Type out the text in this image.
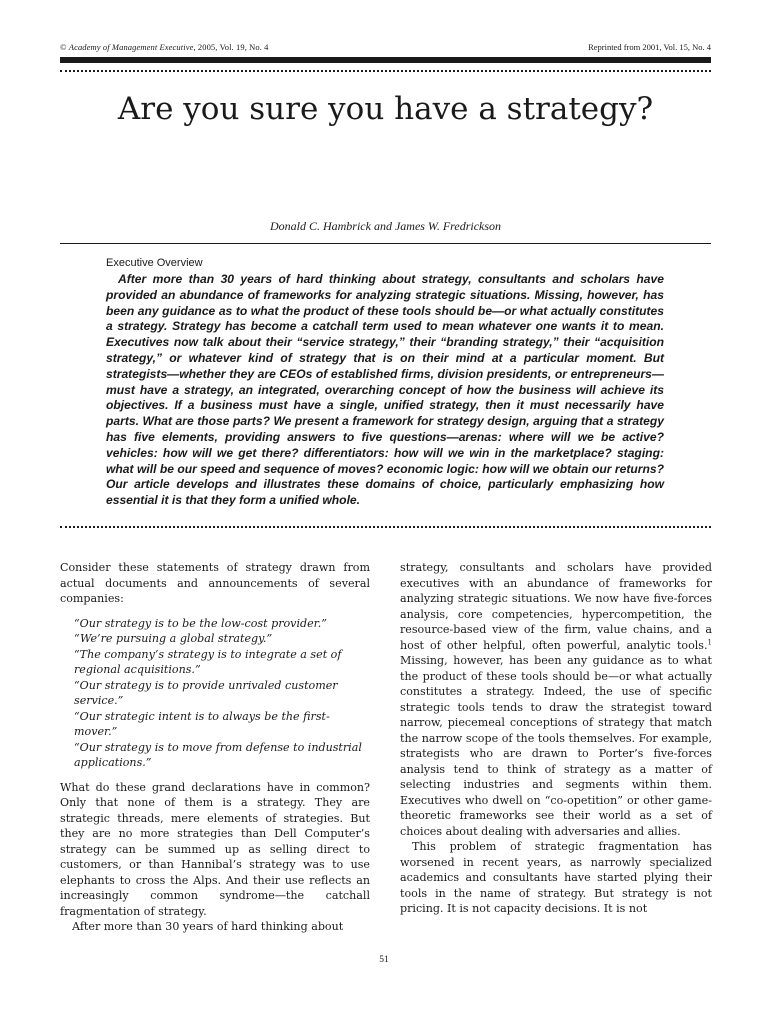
© Academy of Management Executive, 2005, Vol. 19, No. 4	Reprinted from 2001, Vol. 15, No. 4
Are you sure you have a strategy?
Donald C. Hambrick and James W. Fredrickson
Executive Overview

After more than 30 years of hard thinking about strategy, consultants and scholars have provided an abundance of frameworks for analyzing strategic situations. Missing, however, has been any guidance as to what the product of these tools should be—or what actually constitutes a strategy. Strategy has become a catchall term used to mean whatever one wants it to mean. Executives now talk about their “service strategy,” their “branding strategy,” their “acquisition strategy,” or whatever kind of strategy that is on their mind at a particular moment. But strategists—whether they are CEOs of established firms, division presidents, or entrepreneurs—must have a strategy, an integrated, overarching concept of how the business will achieve its objectives. If a business must have a single, unified strategy, then it must necessarily have parts. What are those parts? We present a framework for strategy design, arguing that a strategy has five elements, providing answers to five questions—arenas: where will we be active? vehicles: how will we get there? differentiators: how will we win in the marketplace? staging: what will be our speed and sequence of moves? economic logic: how will we obtain our returns? Our article develops and illustrates these domains of choice, particularly emphasizing how essential it is that they form a unified whole.

Consider these statements of strategy drawn from actual documents and announcements of several companies:

“Our strategy is to be the low-cost provider.”
“We’re pursuing a global strategy.”
“The company’s strategy is to integrate a set of regional acquisitions.”
“Our strategy is to provide unrivaled customer service.”
“Our strategic intent is to always be the first-mover.”
“Our strategy is to move from defense to industrial applications.”

What do these grand declarations have in common? Only that none of them is a strategy. They are strategic threads, mere elements of strategies. But they are no more strategies than Dell Computer’s strategy can be summed up as selling direct to customers, or than Hannibal’s strategy was to use elephants to cross the Alps. And their use reflects an increasingly common syndrome—the catchall fragmentation of strategy.

After more than 30 years of hard thinking about

strategy, consultants and scholars have provided executives with an abundance of frameworks for analyzing strategic situations. We now have five-forces analysis, core competencies, hypercompetition, the resource-based view of the firm, value chains, and a host of other helpful, often powerful, analytic tools.$^1$ Missing, however, has been any guidance as to what the product of these tools should be—or what actually constitutes a strategy. Indeed, the use of specific strategic tools tends to draw the strategist toward narrow, piecemeal conceptions of strategy that match the narrow scope of the tools themselves. For example, strategists who are drawn to Porter’s five-forces analysis tend to think of strategy as a matter of selecting industries and segments within them. Executives who dwell on “co-opetition” or other game-theoretic frameworks see their world as a set of choices about dealing with adversaries and allies.

This problem of strategic fragmentation has worsened in recent years, as narrowly specialized academics and consultants have started plying their tools in the name of strategy. But strategy is not pricing. It is not capacity decisions. It is not

51
